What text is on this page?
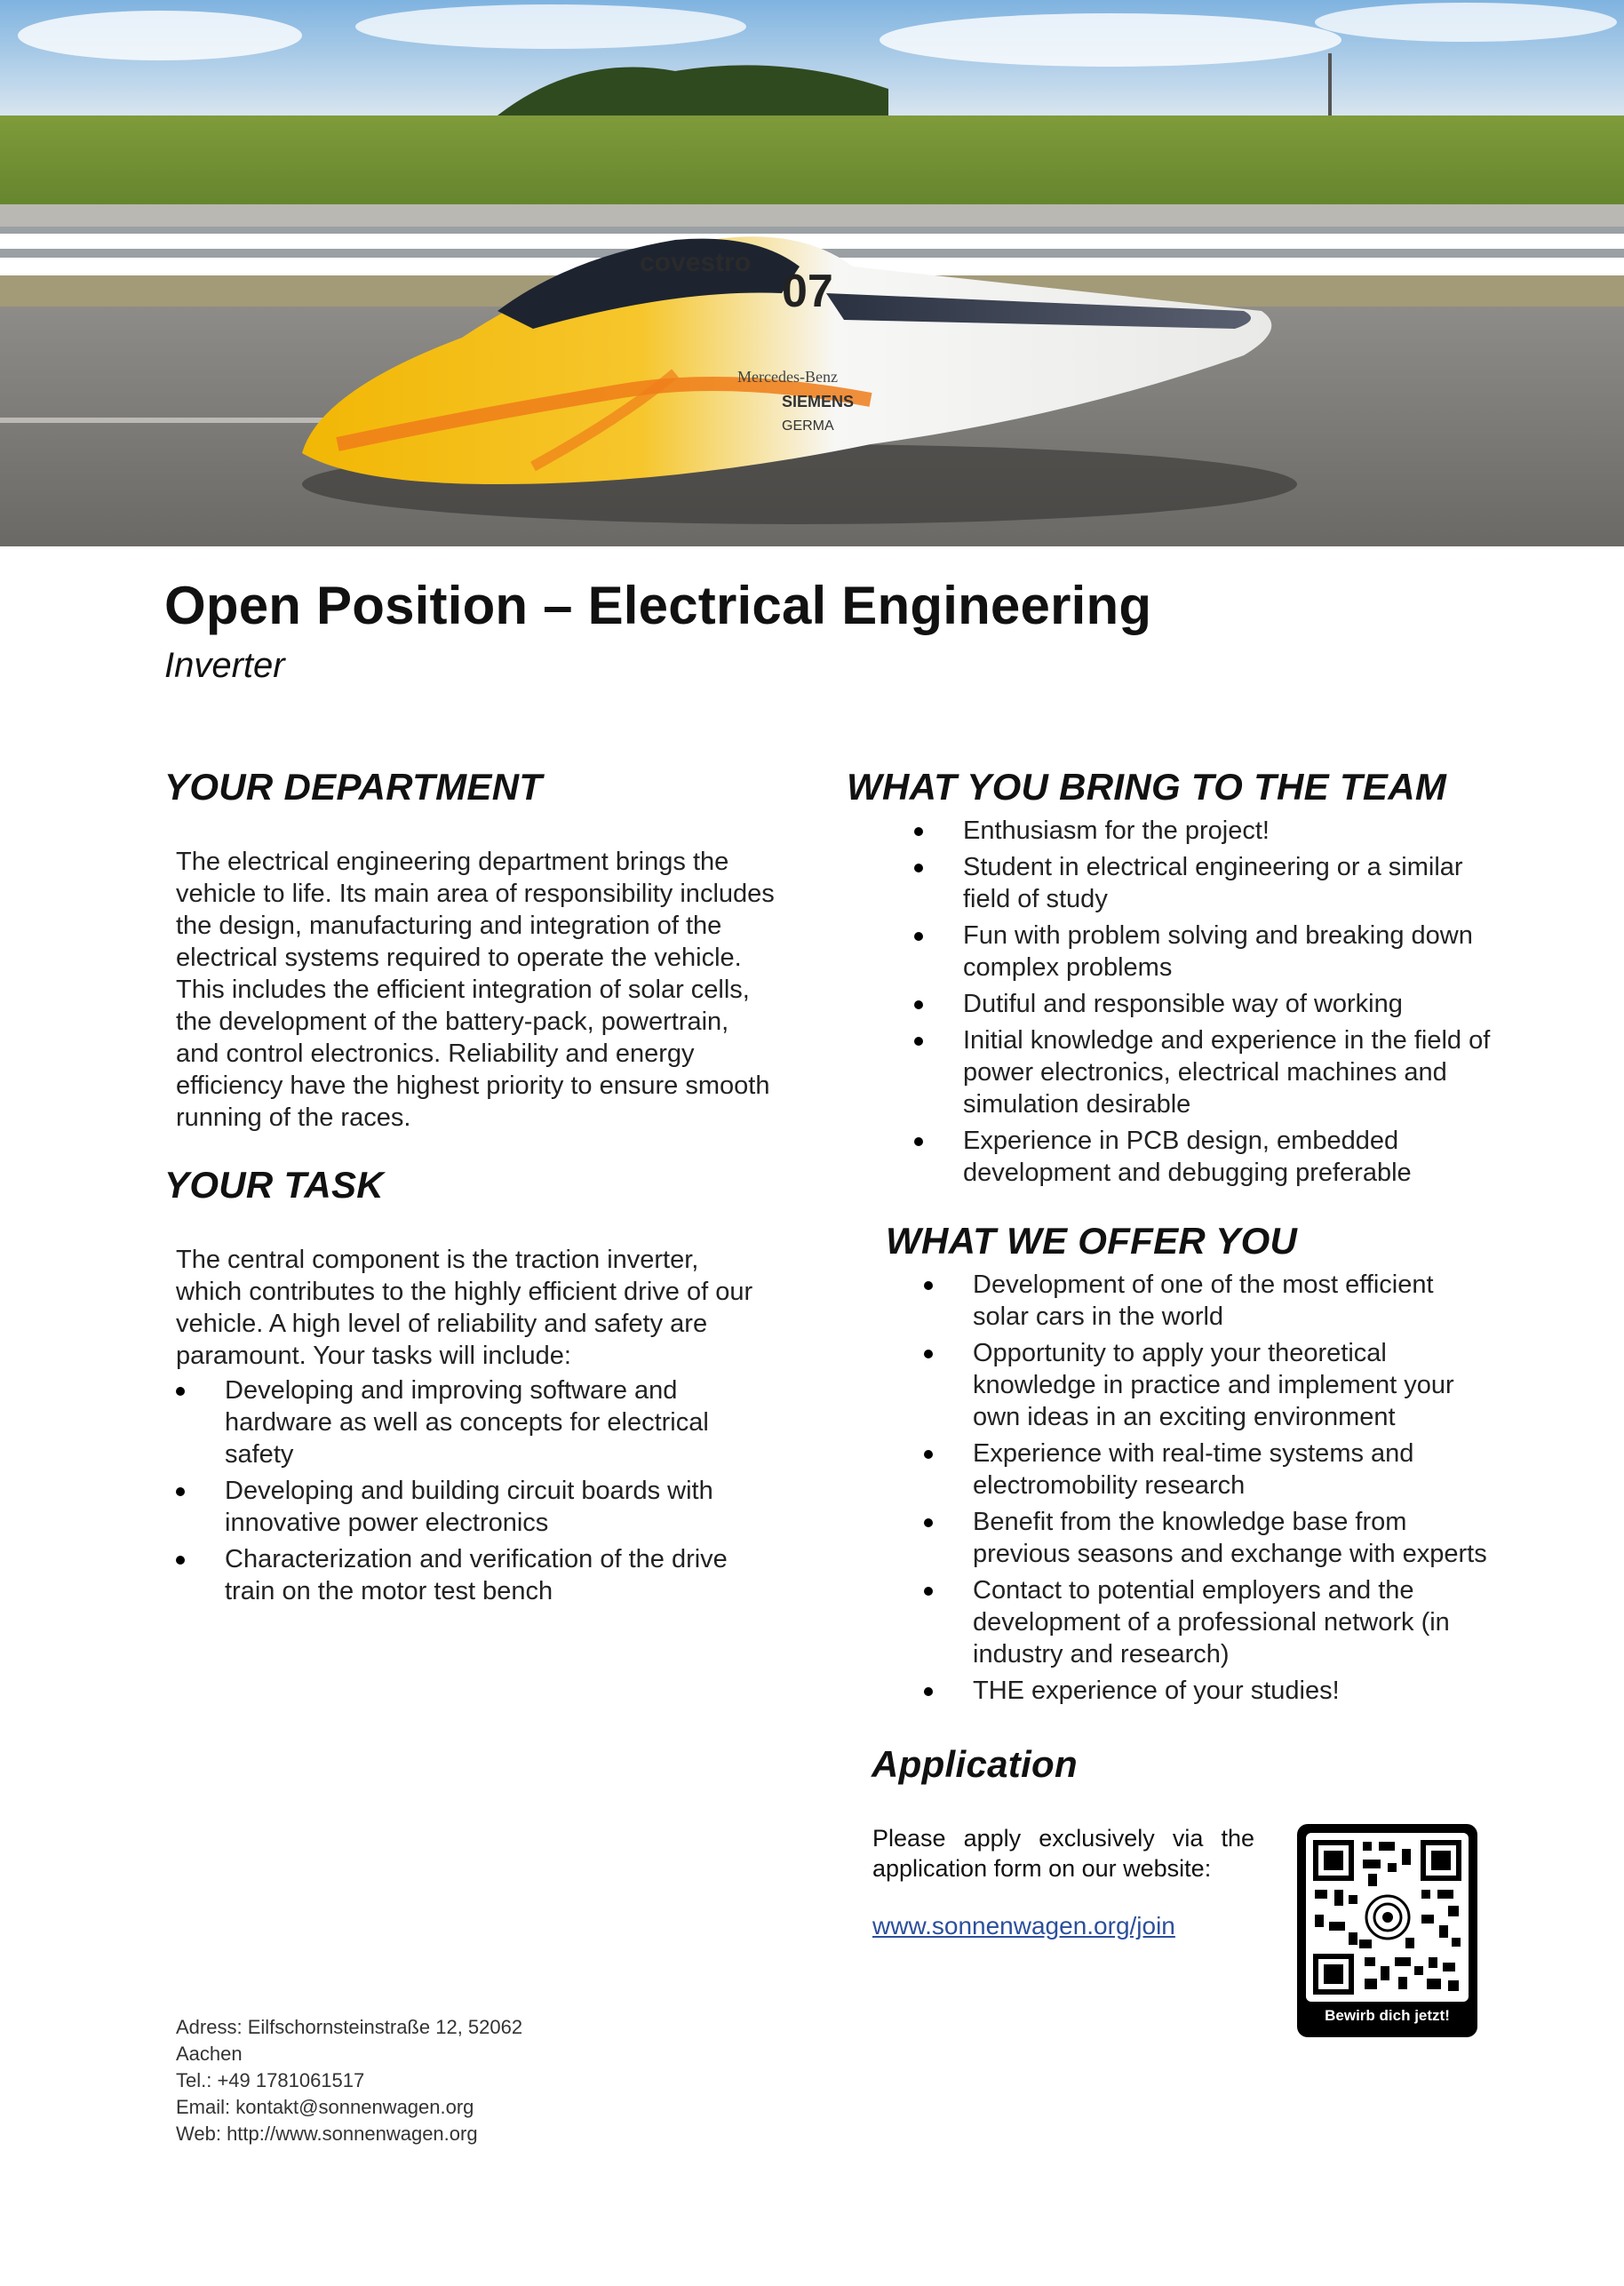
covestro
07
Mercedes-Benz
SIEMENS
GERMA
Open Position – Electrical Engineering
Inverter
YOUR DEPARTMENT
The electrical engineering department brings the
vehicle to life. Its main area of responsibility includes
the design, manufacturing and integration of the
electrical systems required to operate the vehicle.
This includes the efficient integration of solar cells,
the development of the battery-pack, powertrain,
and control electronics. Reliability and energy
efficiency have the highest priority to ensure smooth
running of the races.
YOUR TASK
The central component is the traction inverter,
which contributes to the highly efficient drive of our
vehicle. A high level of reliability and safety are
paramount. Your tasks will include:
Developing and improving software and
hardware as well as concepts for electrical
safety
Developing and building circuit boards with
innovative power electronics
Characterization and verification of the drive
train on the motor test bench
WHAT YOU BRING TO THE TEAM
Enthusiasm for the project!
Student in electrical engineering or a similar
field of study
Fun with problem solving and breaking down
complex problems
Dutiful and responsible way of working
Initial knowledge and experience in the field of
power electronics, electrical machines and
simulation desirable
Experience in PCB design, embedded
development and debugging preferable
WHAT WE OFFER YOU
Development of one of the most efficient
solar cars in the world
Opportunity to apply your theoretical
knowledge in practice and implement your
own ideas in an exciting environment
Experience with real-time systems and
electromobility research
Benefit from the knowledge base from
previous seasons and exchange with experts
Contact to potential employers and the
development of a professional network (in
industry and research)
THE experience of your studies!
Application
Please apply exclusively via the
application form on our website:
www.sonnenwagen.org/join
Bewirb dich jetzt!
Adress: Eilfschornsteinstraße 12, 52062
Aachen
Tel.: +49 1781061517
Email: kontakt@sonnenwagen.org
Web: http://www.sonnenwagen.org
